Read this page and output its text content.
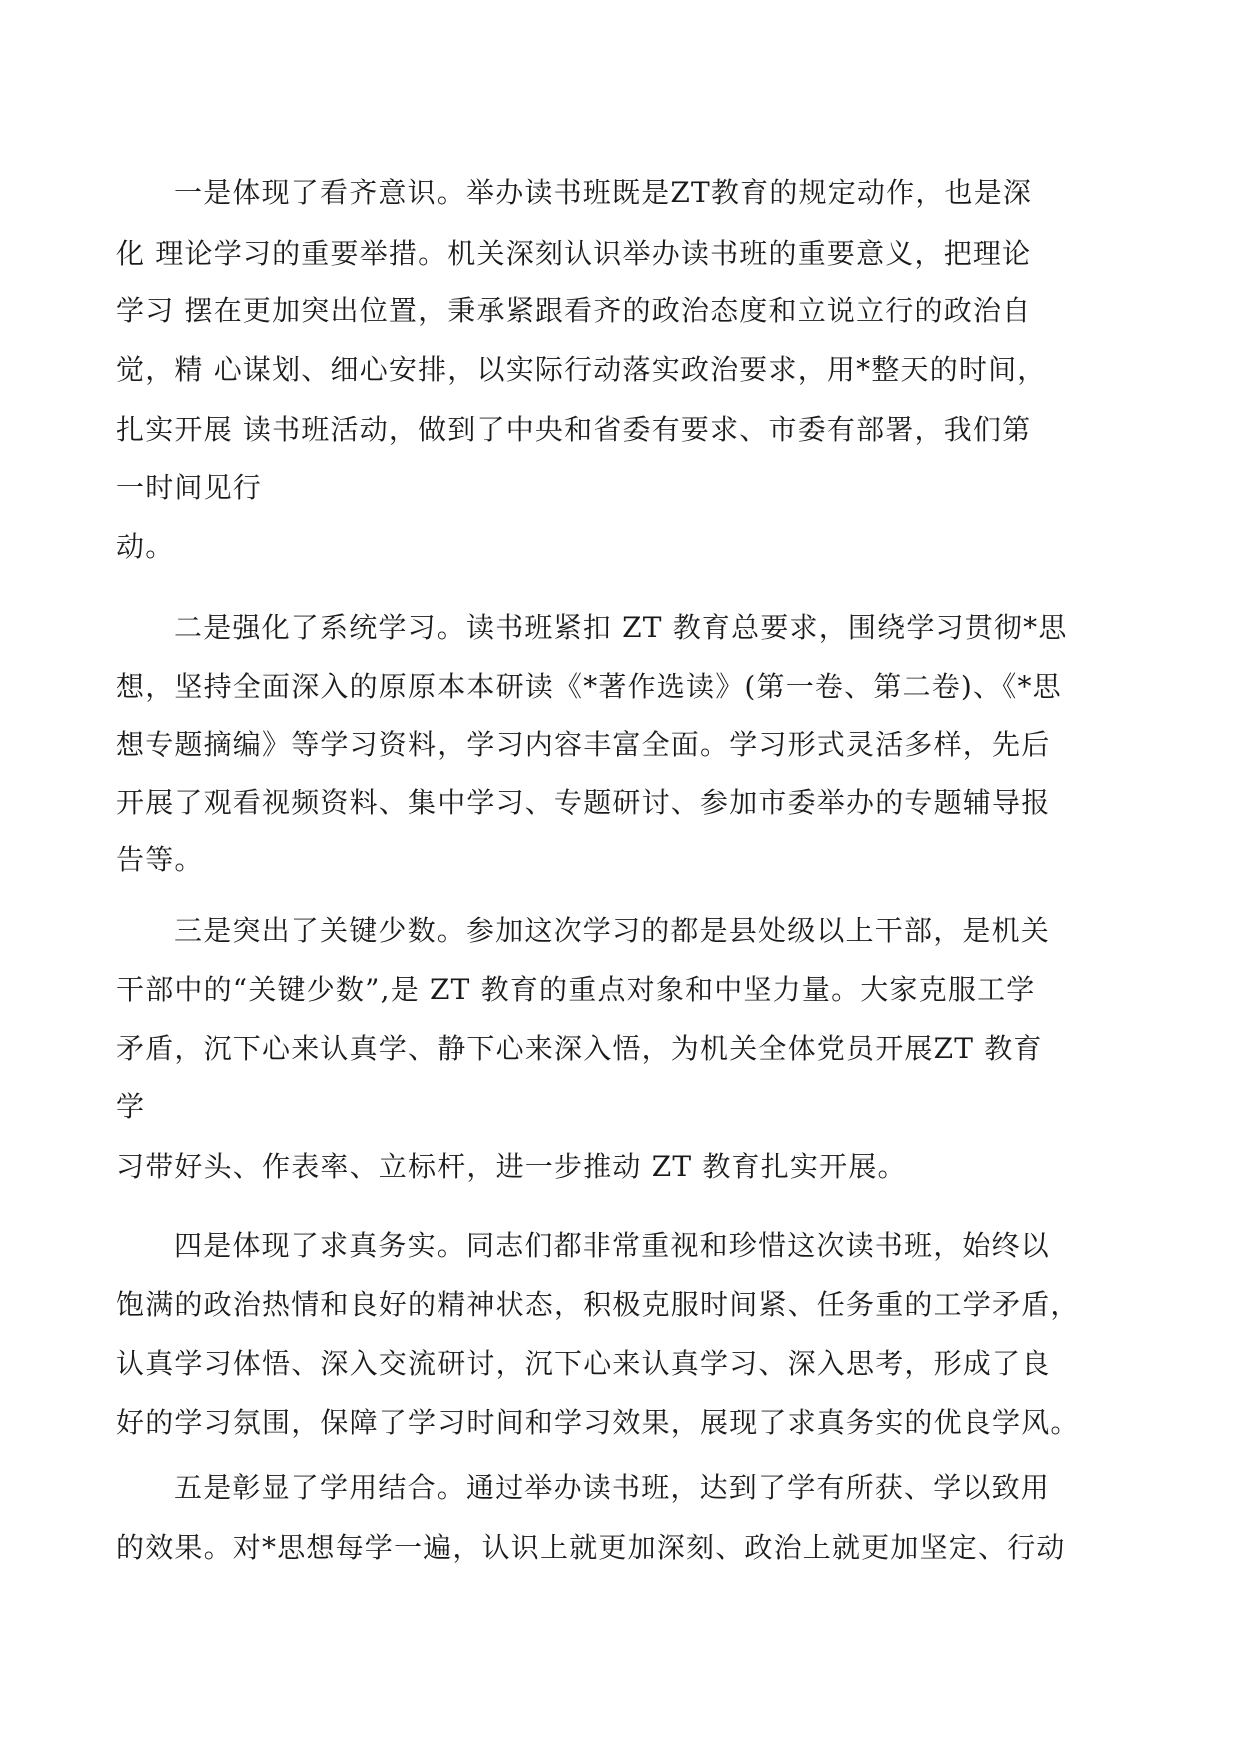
一是体现了看齐意识。举办读书班既是ZT教育的规定动作，也是深
化 理论学习的重要举措。机关深刻认识举办读书班的重要意义，把理论
学习 摆在更加突出位置，秉承紧跟看齐的政治态度和立说立行的政治自
觉，精 心谋划、细心安排，以实际行动落实政治要求，用*整天的时间，
扎实开展 读书班活动，做到了中央和省委有要求、市委有部署，我们第
一时间见行
动。
二是强化了系统学习。读书班紧扣 ZT 教育总要求，围绕学习贯彻*思
想，坚持全面深入的原原本本研读《*著作选读》(第一卷、第二卷)、《*思
想专题摘编》等学习资料，学习内容丰富全面。学习形式灵活多样，先后
开展了观看视频资料、集中学习、专题研讨、参加市委举办的专题辅导报
告等。
三是突出了关键少数。参加这次学习的都是县处级以上干部，是机关
干部中的“关键少数”,是 ZT 教育的重点对象和中坚力量。大家克服工学
矛盾，沉下心来认真学、静下心来深入悟，为机关全体党员开展ZT 教育
学
习带好头、作表率、立标杆，进一步推动 ZT 教育扎实开展。
四是体现了求真务实。同志们都非常重视和珍惜这次读书班，始终以
饱满的政治热情和良好的精神状态，积极克服时间紧、任务重的工学矛盾，
认真学习体悟、深入交流研讨，沉下心来认真学习、深入思考，形成了良
好的学习氛围，保障了学习时间和学习效果，展现了求真务实的优良学风。
五是彰显了学用结合。通过举办读书班，达到了学有所获、学以致用
的效果。对*思想每学一遍，认识上就更加深刻、政治上就更加坚定、行动
